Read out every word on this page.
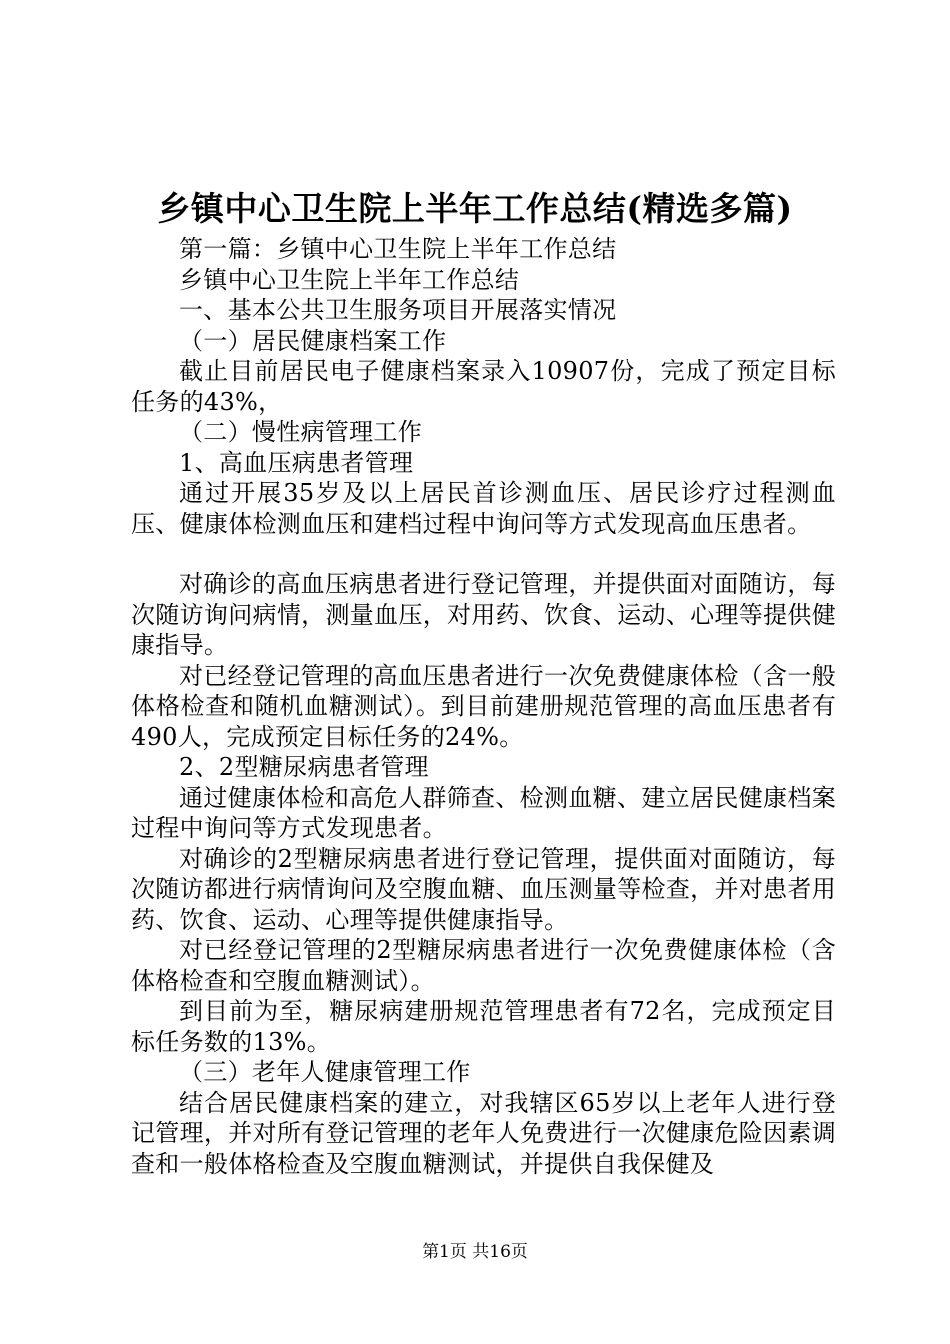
乡镇中心卫生院上半年工作总结(精选多篇)

第一篇：乡镇中心卫生院上半年工作总结

乡镇中心卫生院上半年工作总结

一、基本公共卫生服务项目开展落实情况

（一）居民健康档案工作

截止目前居民电子健康档案录入10907份，完成了预定目标任务的43%，

（二）慢性病管理工作

1、高血压病患者管理

通过开展35岁及以上居民首诊测血压、居民诊疗过程测血压、健康体检测血压和建档过程中询问等方式发现高血压患者。

对确诊的高血压病患者进行登记管理，并提供面对面随访，每次随访询问病情，测量血压，对用药、饮食、运动、心理等提供健康指导。

对已经登记管理的高血压患者进行一次免费健康体检（含一般体格检查和随机血糖测试）。到目前建册规范管理的高血压患者有490人，完成预定目标任务的24%。

2、2型糖尿病患者管理

通过健康体检和高危人群筛查、检测血糖、建立居民健康档案过程中询问等方式发现患者。

对确诊的2型糖尿病患者进行登记管理，提供面对面随访，每次随访都进行病情询问及空腹血糖、血压测量等检查，并对患者用药、饮食、运动、心理等提供健康指导。

对已经登记管理的2型糖尿病患者进行一次免费健康体检（含体格检查和空腹血糖测试）。

到目前为至，糖尿病建册规范管理患者有72名，完成预定目标任务数的13%。

（三）老年人健康管理工作

结合居民健康档案的建立，对我辖区65岁以上老年人进行登记管理，并对所有登记管理的老年人免费进行一次健康危险因素调查和一般体格检查及空腹血糖测试，并提供自我保健及

第1页 共16页
